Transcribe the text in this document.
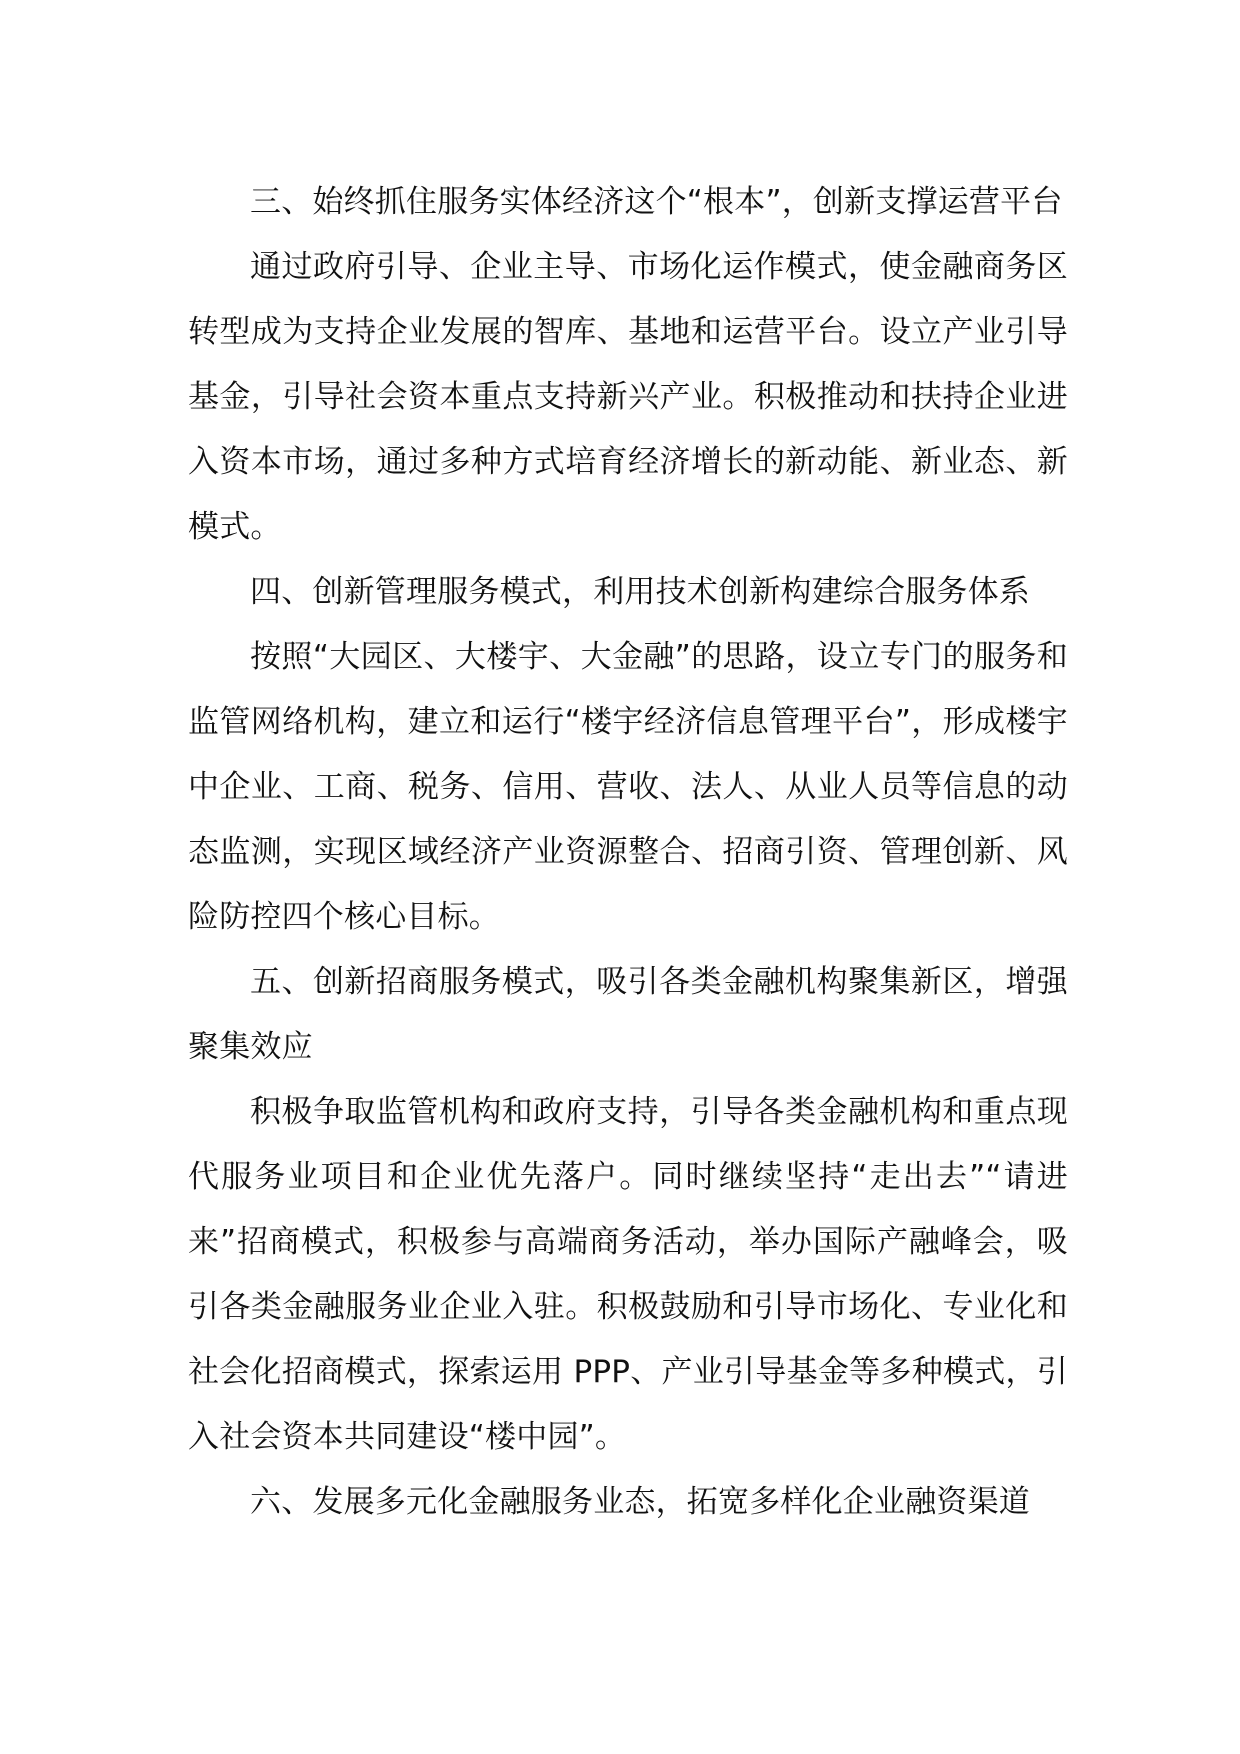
三、始终抓住服务实体经济这个“根本”，创新支撑运营平台

通过政府引导、企业主导、市场化运作模式，使金融商务区转型成为支持企业发展的智库、基地和运营平台。设立产业引导基金，引导社会资本重点支持新兴产业。积极推动和扶持企业进入资本市场，通过多种方式培育经济增长的新动能、新业态、新模式。

四、创新管理服务模式，利用技术创新构建综合服务体系

按照“大园区、大楼宇、大金融”的思路，设立专门的服务和监管网络机构，建立和运行“楼宇经济信息管理平台”，形成楼宇中企业、工商、税务、信用、营收、法人、从业人员等信息的动态监测，实现区域经济产业资源整合、招商引资、管理创新、风险防控四个核心目标。

五、创新招商服务模式，吸引各类金融机构聚集新区，增强聚集效应

积极争取监管机构和政府支持，引导各类金融机构和重点现代服务业项目和企业优先落户。同时继续坚持“走出去”“请进来”招商模式，积极参与高端商务活动，举办国际产融峰会，吸引各类金融服务业企业入驻。积极鼓励和引导市场化、专业化和社会化招商模式，探索运用 PPP、产业引导基金等多种模式，引入社会资本共同建设“楼中园”。

六、发展多元化金融服务业态，拓宽多样化企业融资渠道
